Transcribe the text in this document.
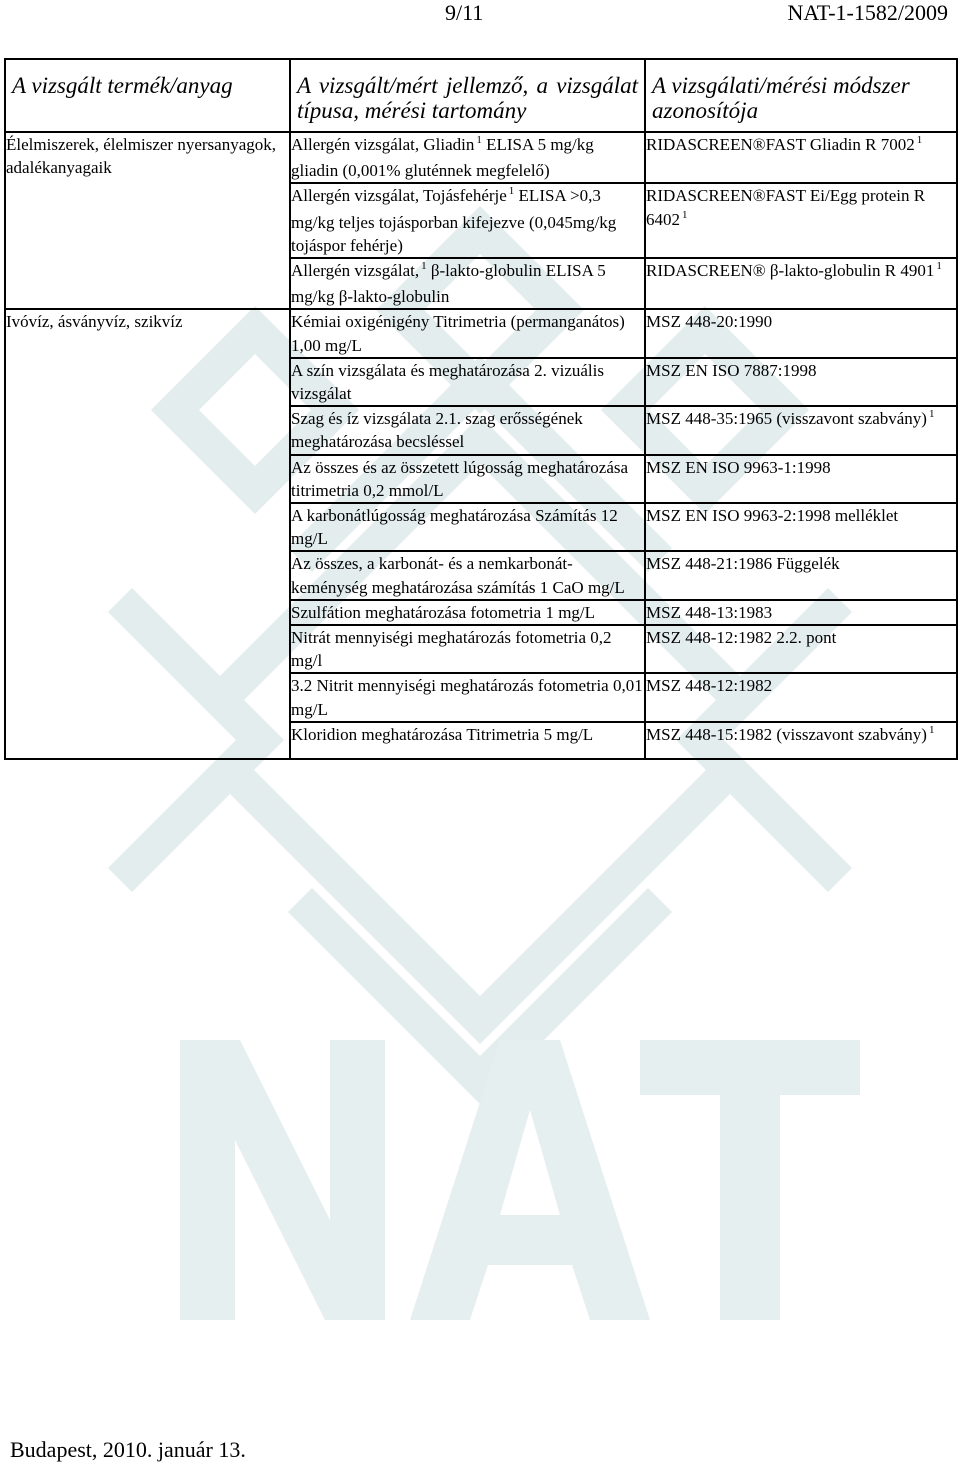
9/11	NAT-1-1582/2009
A vizsgált termék/anyag	A vizsgált/mért jellemző, a vizsgálat típusa, mérési tartomány	A vizsgálati/mérési módszer azonosítója
Élelmiszerek, élelmiszer nyersanyagok, adalékanyagaik	Allergén vizsgálat, Gliadin $^1$ ELISA 5 mg/kg gliadin (0,001% gluténnek megfelelő)	RIDASCREEN®FAST Gliadin R 7002 $^1$
	Allergén vizsgálat, Tojásfehérje $^1$ ELISA >0,3 mg/kg teljes tojásporban kifejezve (0,045mg/kg tojáspor fehérje)	RIDASCREEN®FAST Ei/Egg protein R 6402 $^1$
	Allergén vizsgálat, $^1$ β-lakto-globulin ELISA 5 mg/kg β-lakto-globulin	RIDASCREEN® β-lakto-globulin R 4901 $^1$
Ivóvíz, ásványvíz, szikvíz	Kémiai oxigénigény Titrimetria (permanganátos) 1,00 mg/L	MSZ 448-20:1990
	A szín vizsgálata és meghatározása 2. vizuális vizsgálat	MSZ EN ISO 7887:1998
	Szag és íz vizsgálata 2.1. szag erősségének meghatározása becsléssel	MSZ 448-35:1965 (visszavont szabvány) $^1$
	Az összes és az összetett lúgosság meghatározása titrimetria 0,2 mmol/L	MSZ EN ISO 9963-1:1998
	A karbonátlúgosság meghatározása Számítás 12 mg/L	MSZ EN ISO 9963-2:1998 melléklet
	Az összes, a karbonát- és a nemkarbonát- keménység meghatározása számítás 1 CaO mg/L	MSZ 448-21:1986 Függelék
	Szulfátion meghatározása fotometria 1 mg/L	MSZ 448-13:1983
	Nitrát mennyiségi meghatározás fotometria 0,2 mg/l	MSZ 448-12:1982 2.2. pont
	3.2 Nitrit mennyiségi meghatározás fotometria 0,01 mg/L	MSZ 448-12:1982
	Kloridion meghatározása Titrimetria 5 mg/L	MSZ 448-15:1982 (visszavont szabvány) $^1$
Budapest, 2010. január 13.
